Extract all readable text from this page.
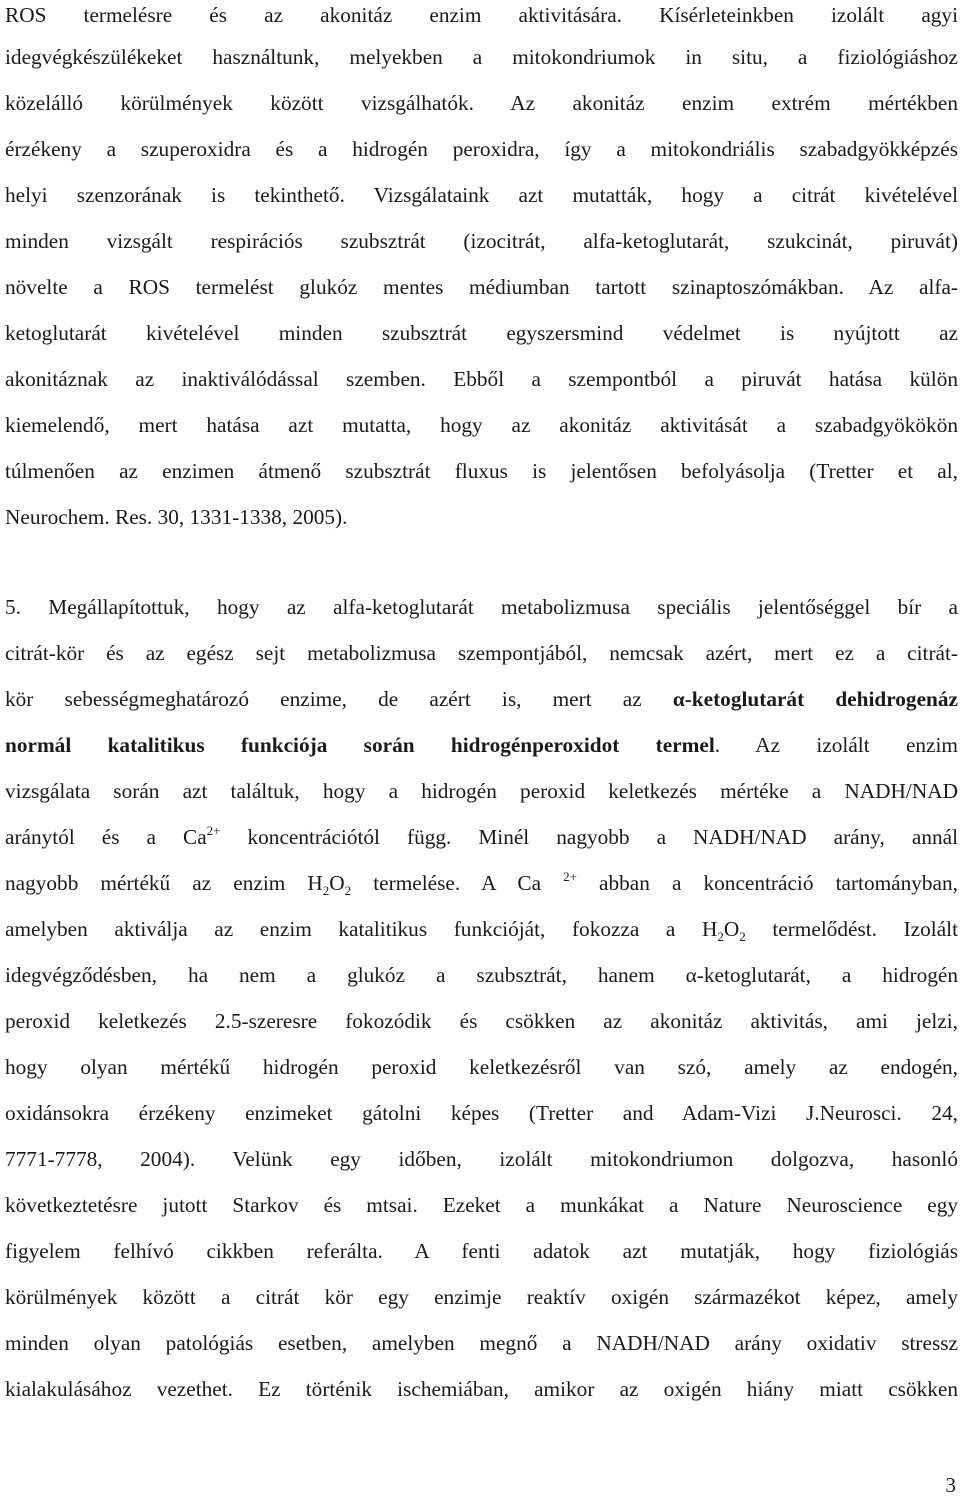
ROS termelésre és az akonitáz enzim aktivitására. Kísérleteinkben izolált agyi
idegvégkészülékeket használtunk, melyekben a mitokondriumok in situ, a fiziológiáshoz
közelálló körülmények között vizsgálhatók. Az akonitáz enzim extrém mértékben
érzékeny a szuperoxidra és a hidrogén peroxidra, így a mitokondriális szabadgyökképzés
helyi szenzorának is tekinthető. Vizsgálataink azt mutatták, hogy a citrát kivételével
minden vizsgált respirációs szubsztrát (izocitrát, alfa-ketoglutarát, szukcinát, piruvát)
növelte a ROS termelést glukóz mentes médiumban tartott szinaptoszómákban. Az alfa-
ketoglutarát kivételével minden szubsztrát egyszersmind védelmet is nyújtott az
akonitáznak az inaktiválódással szemben. Ebből a szempontból a piruvát hatása külön
kiemelendő, mert hatása azt mutatta, hogy az akonitáz aktivitását a szabadgyökökön
túlmenően az enzimen átmenő szubsztrát fluxus is jelentősen befolyásolja (Tretter et al,
Neurochem. Res. 30, 1331-1338, 2005).
5. Megállapítottuk, hogy az alfa-ketoglutarát metabolizmusa speciális jelentőséggel bír a
citrát-kör és az egész sejt metabolizmusa szempontjából, nemcsak azért, mert ez a citrát-
kör sebességmeghatározó enzime, de azért is, mert az α-ketoglutarát dehidrogenáz
normál katalitikus funkciója során hidrogénperoxidot termel. Az izolált enzim
vizsgálata során azt találtuk, hogy a hidrogén peroxid keletkezés mértéke a NADH/NAD
aránytól és a $Ca^{2+}$ koncentrációtól függ. Minél nagyobb a NADH/NAD arány, annál
nagyobb mértékű az enzim $H_2O_2$ termelése. A Ca $^{2+}$ abban a koncentráció tartományban,
amelyben aktiválja az enzim katalitikus funkcióját, fokozza a $H_2O_2$ termelődést. Izolált
idegvégződésben, ha nem a glukóz a szubsztrát, hanem α-ketoglutarát, a hidrogén
peroxid keletkezés 2.5-szeresre fokozódik és csökken az akonitáz aktivitás, ami jelzi,
hogy olyan mértékű hidrogén peroxid keletkezésről van szó, amely az endogén,
oxidánsokra érzékeny enzimeket gátolni képes (Tretter and Adam-Vizi J.Neurosci. 24,
7771-7778, 2004). Velünk egy időben, izolált mitokondriumon dolgozva, hasonló
következtetésre jutott Starkov és mtsai. Ezeket a munkákat a Nature Neuroscience egy
figyelem felhívó cikkben referálta. A fenti adatok azt mutatják, hogy fiziológiás
körülmények között a citrát kör egy enzimje reaktív oxigén származékot képez, amely
minden olyan patológiás esetben, amelyben megnő a NADH/NAD arány oxidativ stressz
kialakulásához vezethet. Ez történik ischemiában, amikor az oxigén hiány miatt csökken
3
